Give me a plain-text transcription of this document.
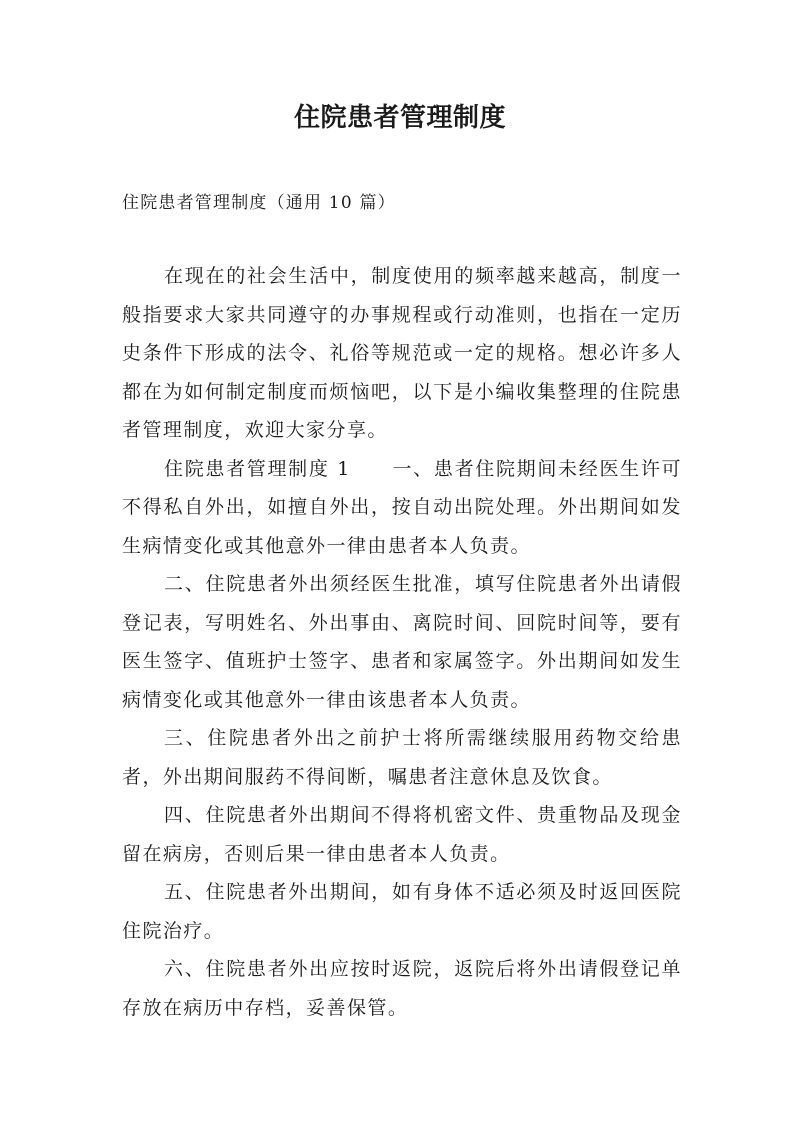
住院患者管理制度
住院患者管理制度（通用 10 篇）

在现在的社会生活中，制度使用的频率越来越高，制度一般指要求大家共同遵守的办事规程或行动准则，也指在一定历史条件下形成的法令、礼俗等规范或一定的规格。想必许多人都在为如何制定制度而烦恼吧，以下是小编收集整理的住院患者管理制度，欢迎大家分享。

住院患者管理制度 1　　一、患者住院期间未经医生许可不得私自外出，如擅自外出，按自动出院处理。外出期间如发生病情变化或其他意外一律由患者本人负责。

二、住院患者外出须经医生批准，填写住院患者外出请假登记表，写明姓名、外出事由、离院时间、回院时间等，要有医生签字、值班护士签字、患者和家属签字。外出期间如发生病情变化或其他意外一律由该患者本人负责。

三、住院患者外出之前护士将所需继续服用药物交给患者，外出期间服药不得间断，嘱患者注意休息及饮食。

四、住院患者外出期间不得将机密文件、贵重物品及现金留在病房，否则后果一律由患者本人负责。

五、住院患者外出期间，如有身体不适必须及时返回医院住院治疗。

六、住院患者外出应按时返院，返院后将外出请假登记单存放在病历中存档，妥善保管。
